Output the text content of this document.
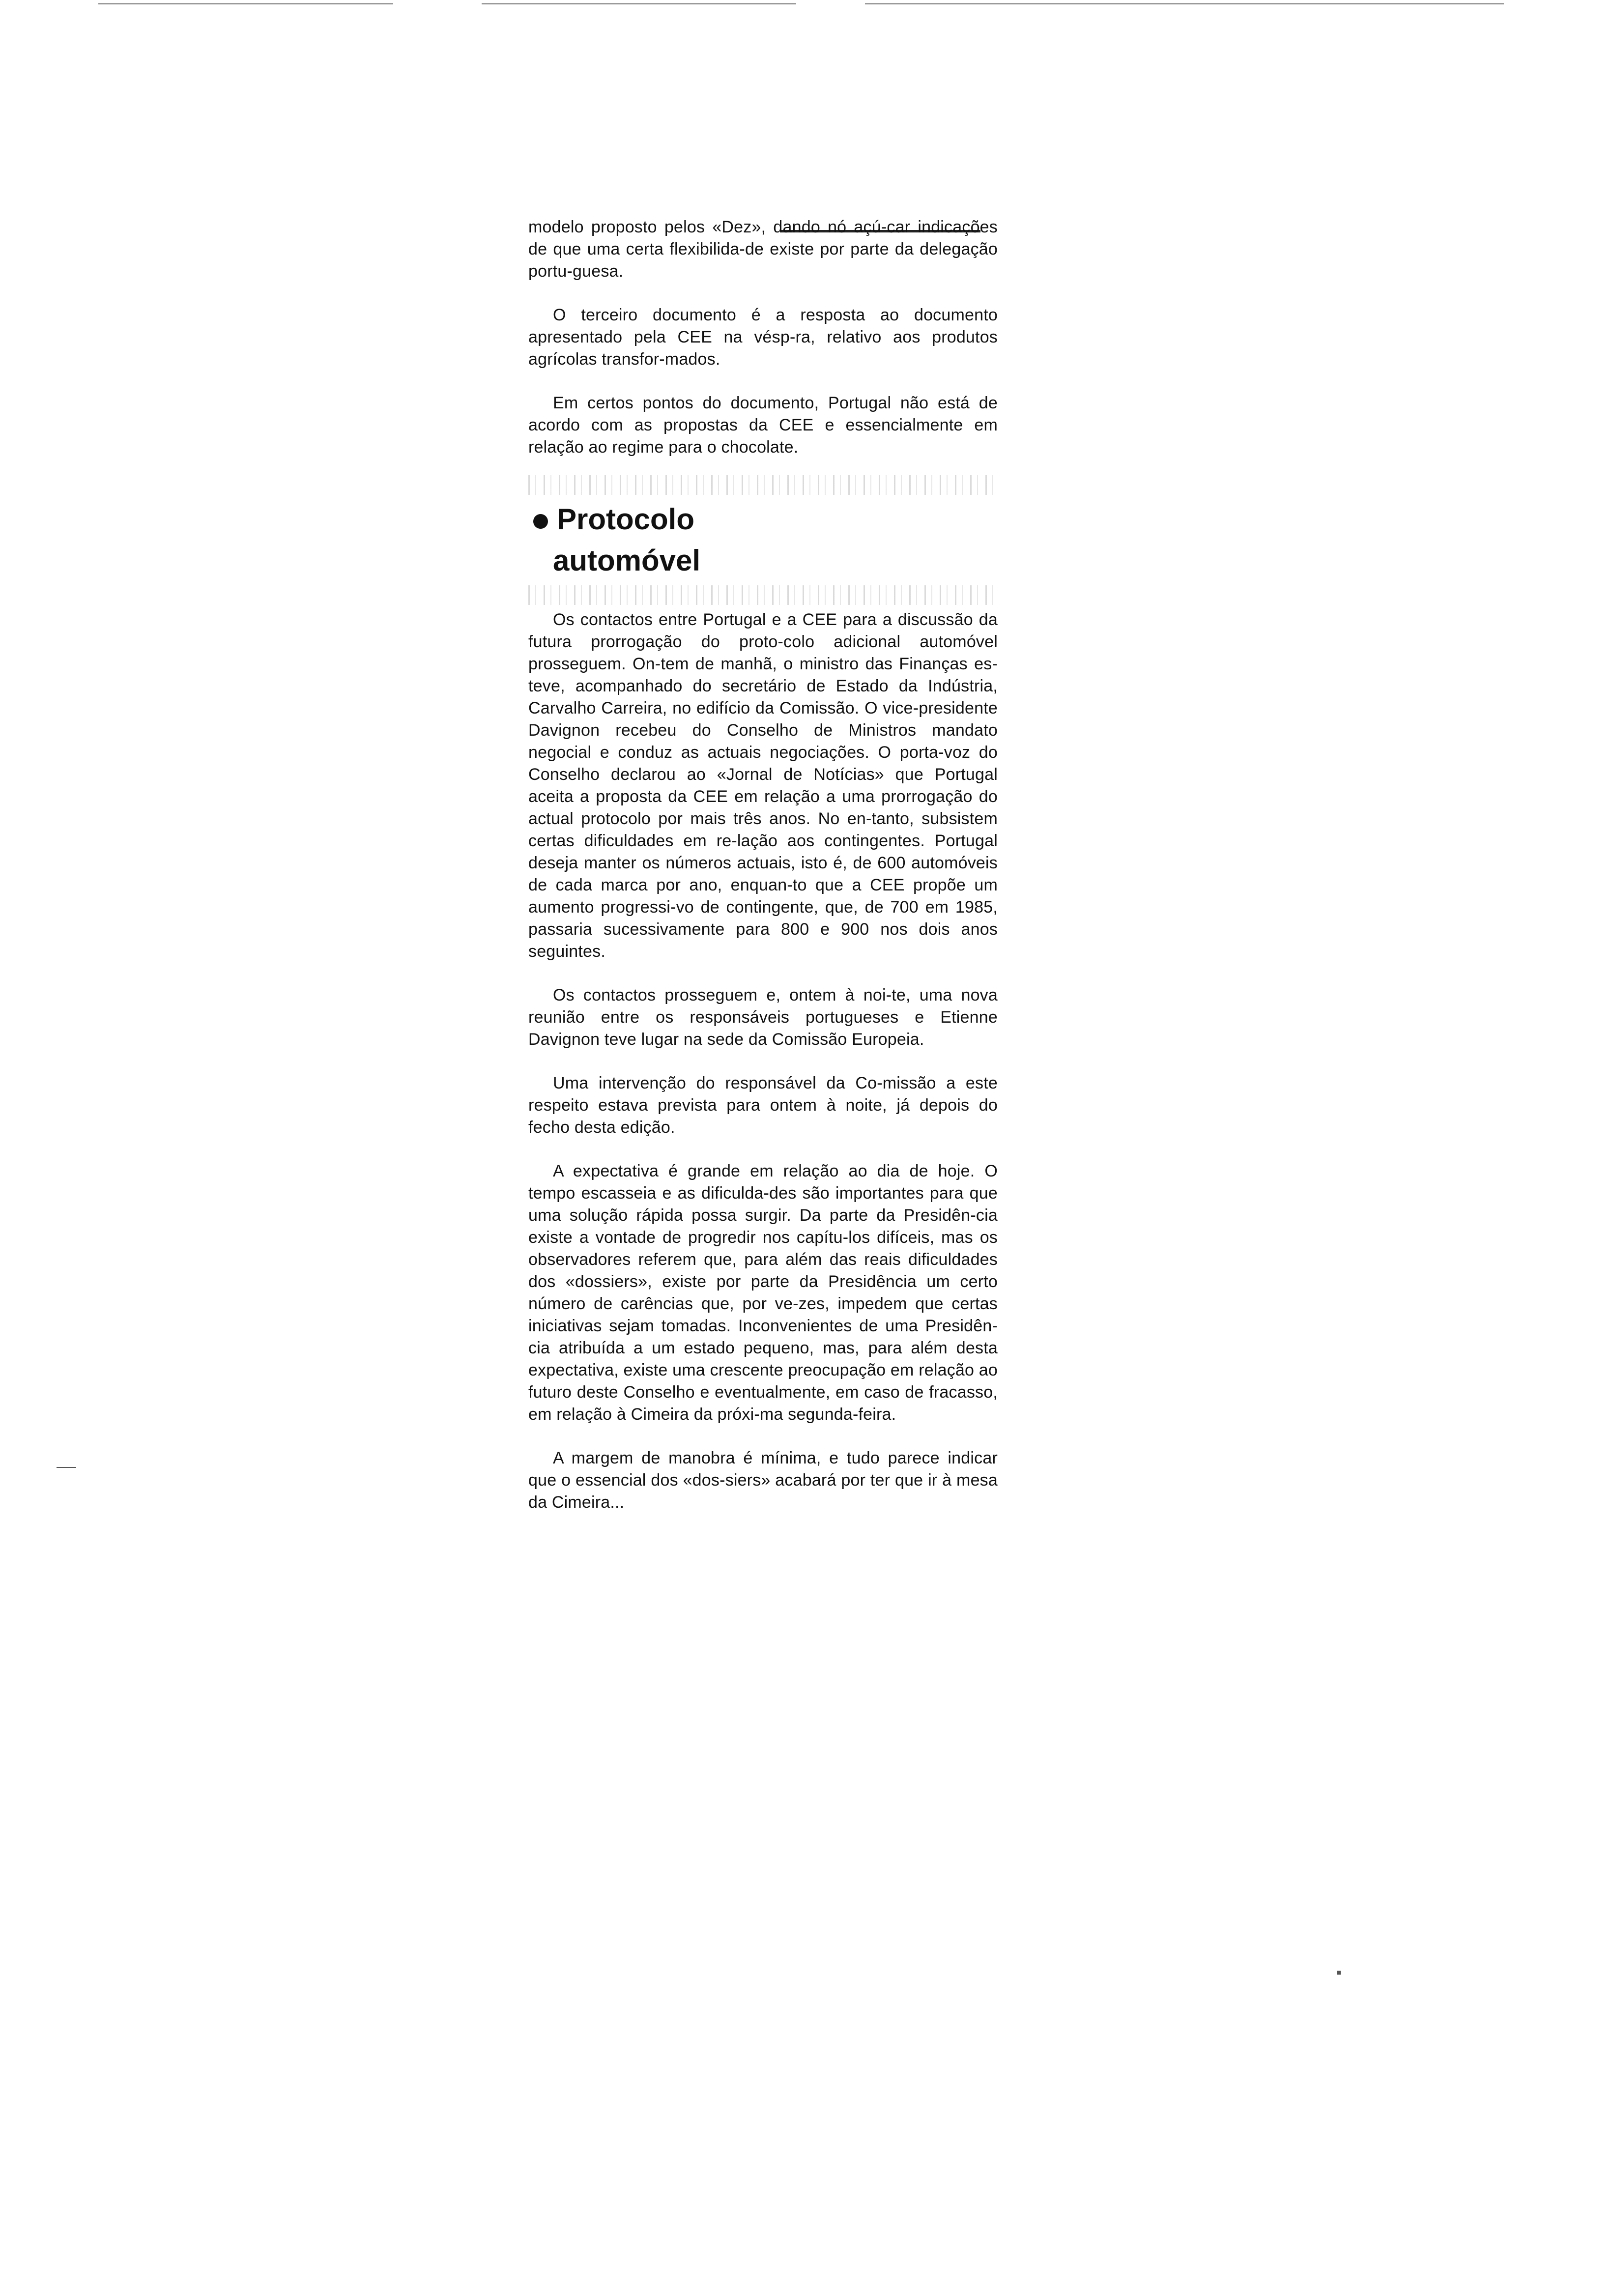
modelo proposto pelos «Dez», dando nó açú-car indicações de que uma certa flexibilida-de existe por parte da delegação portu-guesa.

O terceiro documento é a resposta ao documento apresentado pela CEE na vésp-ra, relativo aos produtos agrícolas transfor-mados.

Em certos pontos do documento, Portugal não está de acordo com as propostas da CEE e essencialmente em relação ao regime para o chocolate.

Protocolo
automóvel

Os contactos entre Portugal e a CEE para a discussão da futura prorrogação do proto-colo adicional automóvel prosseguem. On-tem de manhã, o ministro das Finanças es-teve, acompanhado do secretário de Estado da Indústria, Carvalho Carreira, no edifício da Comissão. O vice-presidente Davignon recebeu do Conselho de Ministros mandato negocial e conduz as actuais negociações. O porta-voz do Conselho declarou ao «Jornal de Notícias» que Portugal aceita a proposta da CEE em relação a uma prorrogação do actual protocolo por mais três anos. No en-tanto, subsistem certas dificuldades em re-lação aos contingentes. Portugal deseja manter os números actuais, isto é, de 600 automóveis de cada marca por ano, enquan-to que a CEE propõe um aumento progressi-vo de contingente, que, de 700 em 1985, passaria sucessivamente para 800 e 900 nos dois anos seguintes.

Os contactos prosseguem e, ontem à noi-te, uma nova reunião entre os responsáveis portugueses e Etienne Davignon teve lugar na sede da Comissão Europeia.

Uma intervenção do responsável da Co-missão a este respeito estava prevista para ontem à noite, já depois do fecho desta edição.

A expectativa é grande em relação ao dia de hoje. O tempo escasseia e as dificulda-des são importantes para que uma solução rápida possa surgir. Da parte da Presidên-cia existe a vontade de progredir nos capítu-los difíceis, mas os observadores referem que, para além das reais dificuldades dos «dossiers», existe por parte da Presidência um certo número de carências que, por ve-zes, impedem que certas iniciativas sejam tomadas. Inconvenientes de uma Presidên-cia atribuída a um estado pequeno, mas, para além desta expectativa, existe uma crescente preocupação em relação ao futuro deste Conselho e eventualmente, em caso de fracasso, em relação à Cimeira da próxi-ma segunda-feira.

A margem de manobra é mínima, e tudo parece indicar que o essencial dos «dos-siers» acabará por ter que ir à mesa da Cimeira...
